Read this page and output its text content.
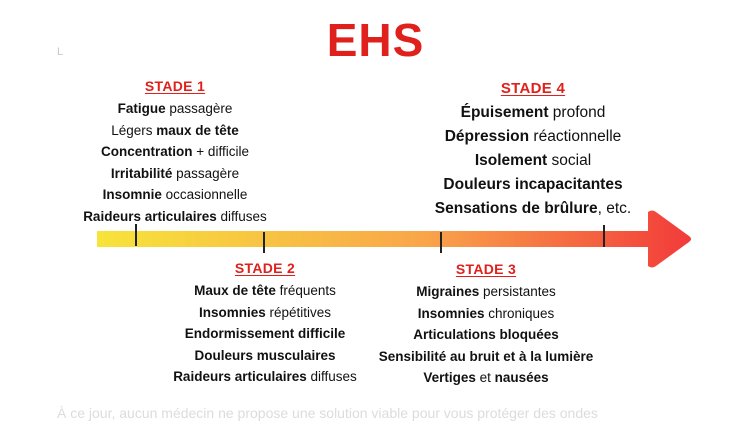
EHS
L
STADE 1
Fatigue passagère
Légers maux de tête
Concentration + difficile
Irritabilité passagère
Insomnie occasionnelle
Raideurs articulaires diffuses
STADE 2
Maux de tête fréquents
Insomnies répétitives
Endormissement difficile
Douleurs musculaires
Raideurs articulaires diffuses
STADE 3
Migraines persistantes
Insomnies chroniques
Articulations bloquées
Sensibilité au bruit et à la lumière
Vertiges et nausées
STADE 4
Épuisement profond
Dépression réactionnelle
Isolement social
Douleurs incapacitantes
Sensations de brûlure, etc.
À ce jour, aucun médecin ne propose une solution viable pour vous protéger des ondes
